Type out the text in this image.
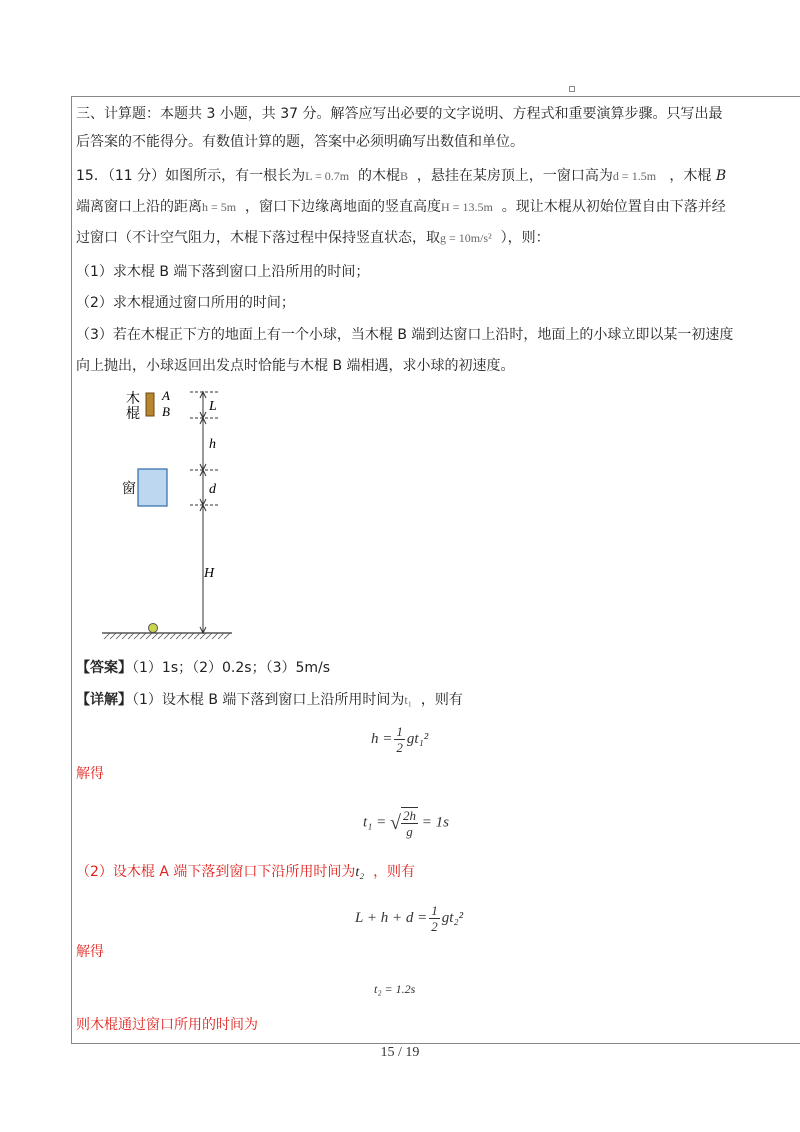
三、计算题：本题共 3 小题，共 37 分。解答应写出必要的文字说明、方程式和重要演算步骤。只写出最
后答案的不能得分。有数值计算的题，答案中必须明确写出数值和单位。
15．（11 分）如图所示，有一根长为L = 0.7m 的木棍B ，悬挂在某房顶上，一窗口高为d = 1.5m ，木棍 B
端离窗口上沿的距离h = 5m ，窗口下边缘离地面的竖直高度H = 13.5m 。现让木棍从初始位置自由下落并经
过窗口（不计空气阻力，木棍下落过程中保持竖直状态，取g = 10m/s² ），则：
（1）求木棍 B 端下落到窗口上沿所用的时间；
（2）求木棍通过窗口所用的时间；
（3）若在木棍正下方的地面上有一个小球，当木棍 B 端到达窗口上沿时，地面上的小球立即以某一初速度
向上抛出，小球返回出发点时恰能与木棍 B 端相遇，求小球的初速度。
木
棍
A
B
窗
L
h
d
H
【答案】（1）1s；（2）0.2s；（3）5m/s
【详解】（1）设木棍 B 端下落到窗口上沿所用时间为t₁ ，则有
$h = \frac{1}{2} gt_1^2$
解得
t₁ = √ $\frac{2h}{g} = 1s$
（2）设木棍 A 端下落到窗口下沿所用时间为t₂ ，则有
$L + h + d = \frac{1}{2} gt_2^2$
解得
t₂ = 1.2s
则木棍通过窗口所用的时间为
15 / 19
